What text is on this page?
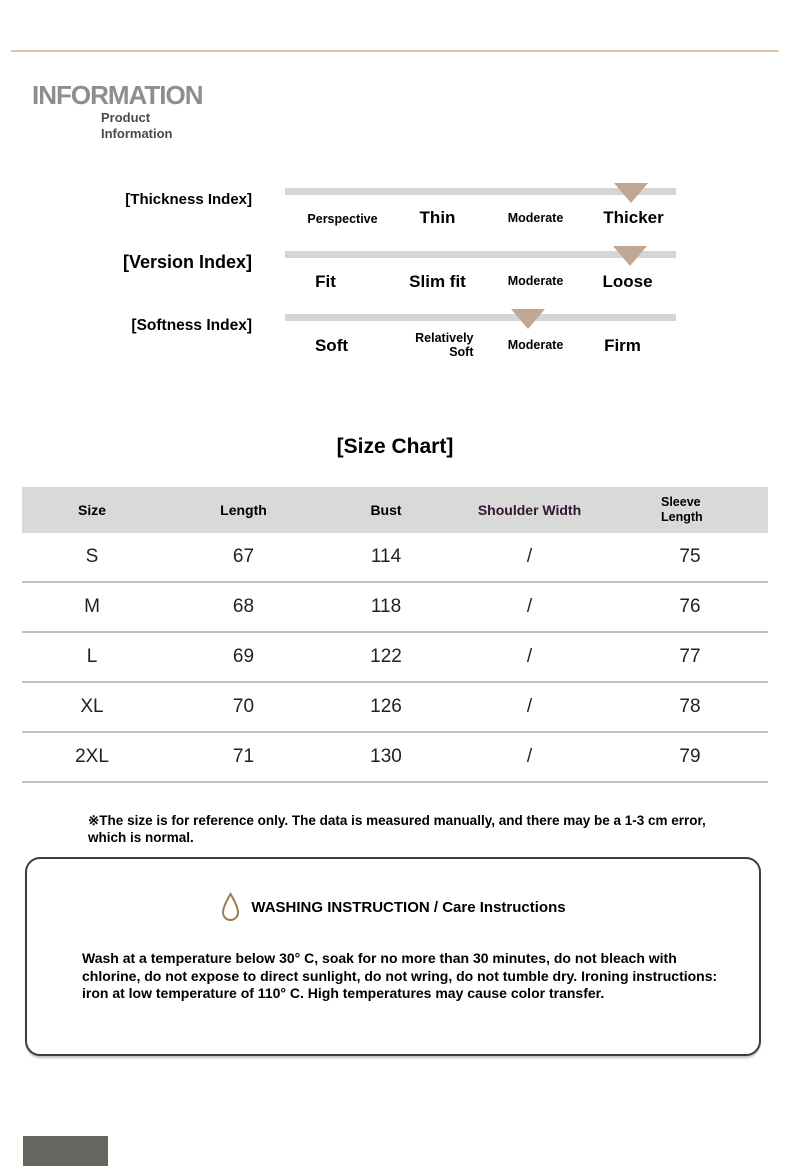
INFORMATION
Product
Information
[Thickness Index]
Perspective	Thin	Moderate	Thicker
[Version Index]
Fit	Slim fit	Moderate	Loose
[Softness Index]
Soft	Relatively Soft	Moderate	Firm
[Size Chart]
Size	Length	Bust	Shoulder Width	Sleeve
Length
S	67	114	/	75
M	68	118	/	76
L	69	122	/	77
XL	70	126	/	78
2XL	71	130	/	79
※The size is for reference only. The data is measured manually, and there may be a 1-3 cm error, which is normal.
WASHING INSTRUCTION / Care Instructions
Wash at a temperature below 30° C, soak for no more than 30 minutes, do not bleach with chlorine, do not expose to direct sunlight, do not wring, do not tumble dry. Ironing instructions: iron at low temperature of 110° C. High temperatures may cause color transfer.
